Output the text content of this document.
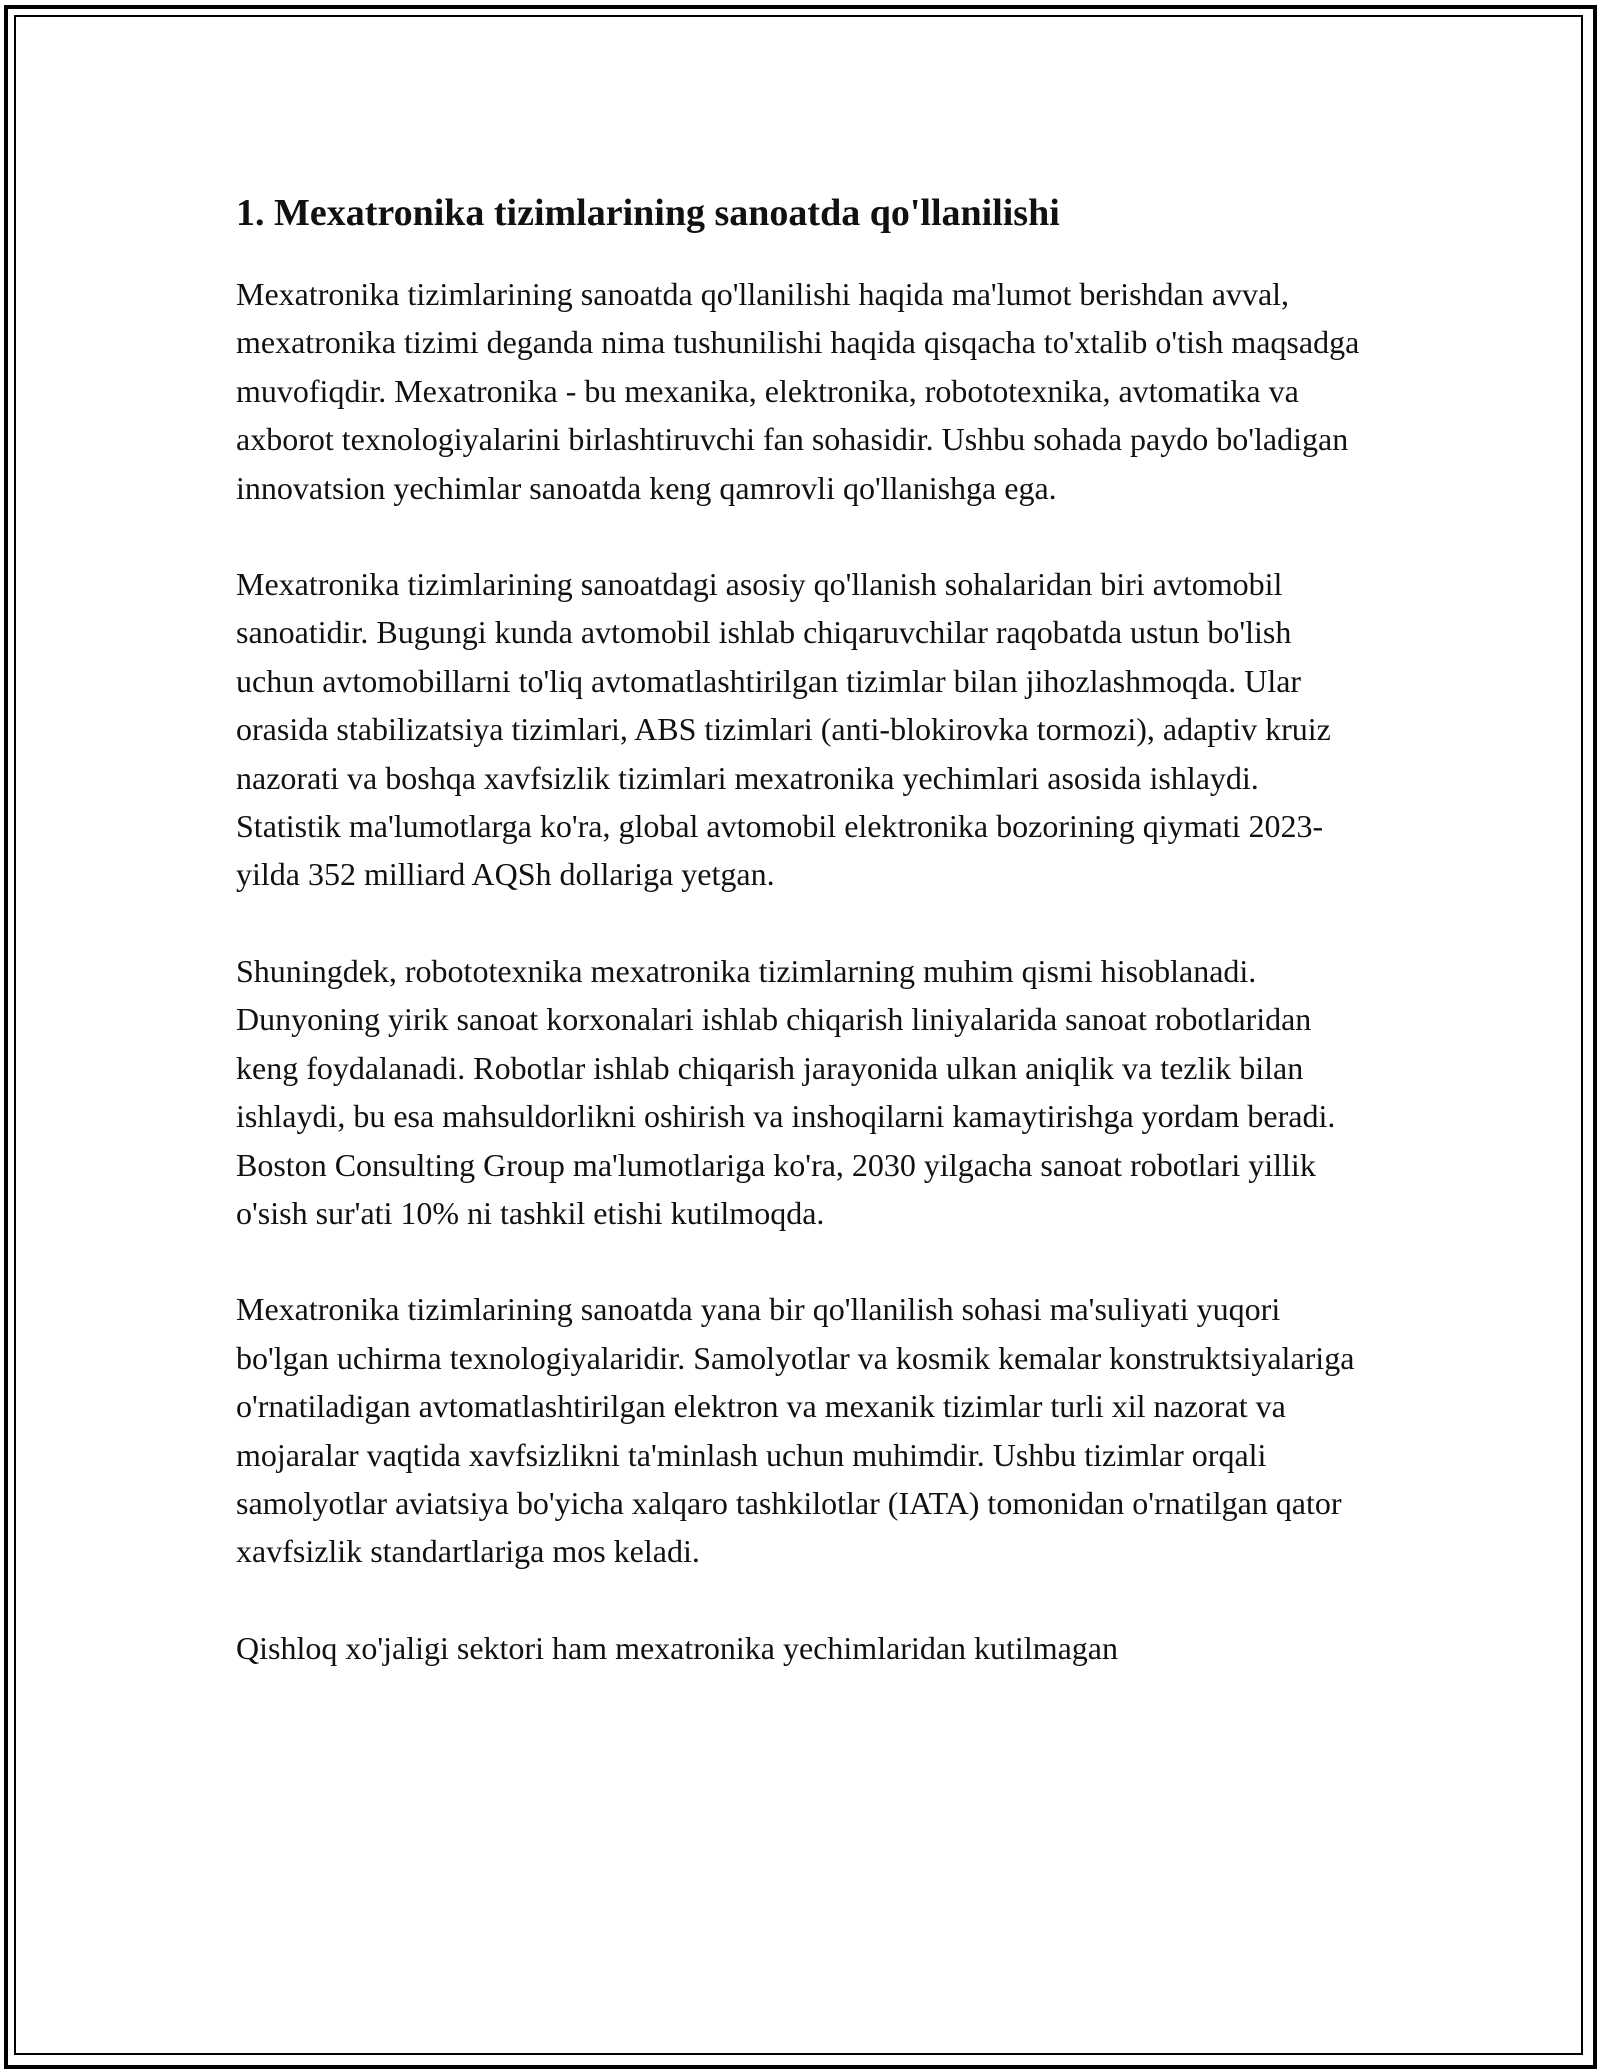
1. Mexatronika tizimlarining sanoatda qo'llanilishi

Mexatronika tizimlarining sanoatda qo'llanilishi haqida ma'lumot berishdan avval, mexatronika tizimi deganda nima tushunilishi haqida qisqacha to'xtalib o'tish maqsadga muvofiqdir. Mexatronika - bu mexanika, elektronika, robototexnika, avtomatika va axborot texnologiyalarini birlashtiruvchi fan sohasidir. Ushbu sohada paydo bo'ladigan innovatsion yechimlar sanoatda keng qamrovli qo'llanishga ega.

Mexatronika tizimlarining sanoatdagi asosiy qo'llanish sohalaridan biri avtomobil sanoatidir. Bugungi kunda avtomobil ishlab chiqaruvchilar raqobatda ustun bo'lish uchun avtomobillarni to'liq avtomatlashtirilgan tizimlar bilan jihozlashmoqda. Ular orasida stabilizatsiya tizimlari, ABS tizimlari (anti-blokirovka tormozi), adaptiv kruiz nazorati va boshqa xavfsizlik tizimlari mexatronika yechimlari asosida ishlaydi. Statistik ma'lumotlarga ko'ra, global avtomobil elektronika bozorining qiymati 2023-yilda 352 milliard AQSh dollariga yetgan.

Shuningdek, robototexnika mexatronika tizimlarning muhim qismi hisoblanadi. Dunyoning yirik sanoat korxonalari ishlab chiqarish liniyalarida sanoat robotlaridan keng foydalanadi. Robotlar ishlab chiqarish jarayonida ulkan aniqlik va tezlik bilan ishlaydi, bu esa mahsuldorlikni oshirish va inshoqilarni kamaytirishga yordam beradi. Boston Consulting Group ma'lumotlariga ko'ra, 2030 yilgacha sanoat robotlari yillik o'sish sur'ati 10% ni tashkil etishi kutilmoqda.

Mexatronika tizimlarining sanoatda yana bir qo'llanilish sohasi ma'suliyati yuqori bo'lgan uchirma texnologiyalaridir. Samolyotlar va kosmik kemalar konstruktsiyalariga o'rnatiladigan avtomatlashtirilgan elektron va mexanik tizimlar turli xil nazorat va mojaralar vaqtida xavfsizlikni ta'minlash uchun muhimdir. Ushbu tizimlar orqali samolyotlar aviatsiya bo'yicha xalqaro tashkilotlar (IATA) tomonidan o'rnatilgan qator xavfsizlik standartlariga mos keladi.

Qishloq xo'jaligi sektori ham mexatronika yechimlaridan kutilmagan
